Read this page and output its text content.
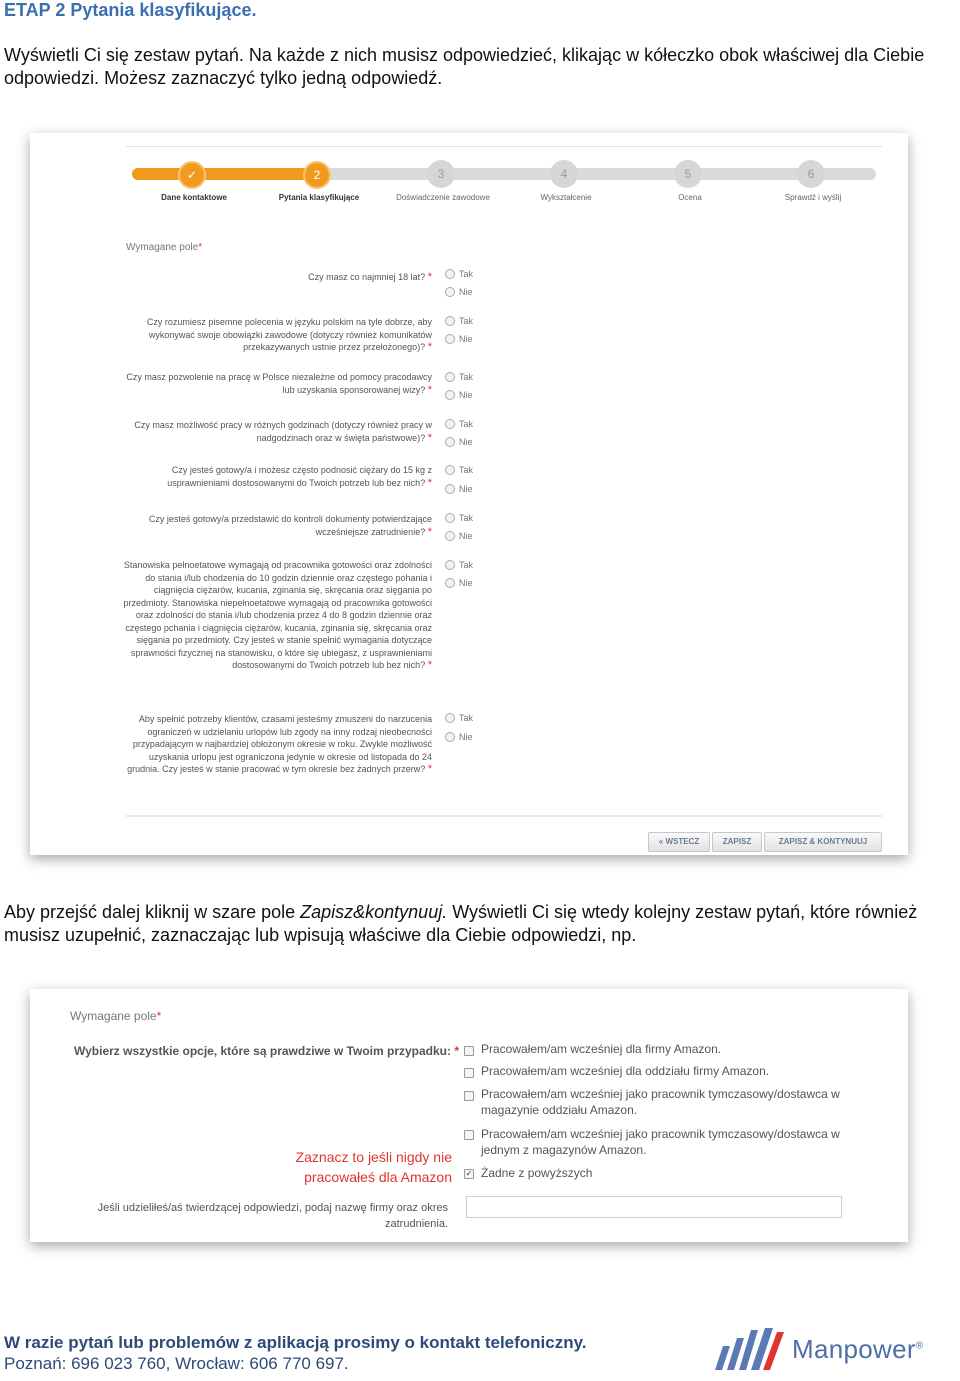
ETAP 2 Pytania klasyfikujące.
Wyświetli Ci się zestaw pytań. Na każde z nich musisz odpowiedzieć, klikając w kółeczko obok właściwej dla Ciebie odpowiedzi. Możesz zaznaczyć tylko jedną odpowiedź.
✓	2	3	4	5	6
Dane kontaktowe	Pytania klasyfikujące	Doświadczenie zawodowe	Wykształcenie	Ocena	Sprawdź i wyślij
Wymagane pole*
Czy masz co najmniej 18 lat? *	Tak
Nie
Czy rozumiesz pisemne polecenia w języku polskim na tyle dobrze, aby wykonywać swoje obowiązki zawodowe (dotyczy również komunikatów przekazywanych ustnie przez przełożonego)? *
Tak
Nie
Czy masz pozwolenie na pracę w Polsce niezależne od pomocy pracodawcy lub uzyskania sponsorowanej wizy? *
Tak
Nie
Czy masz możliwość pracy w różnych godzinach (dotyczy również pracy w nadgodzinach oraz w święta państwowe)? *
Tak
Nie
Czy jesteś gotowy/a i możesz często podnosić ciężary do 15 kg z usprawnieniami dostosowanymi do Twoich potrzeb lub bez nich? *
Tak
Nie
Czy jesteś gotowy/a przedstawić do kontroli dokumenty potwierdzające wcześniejsze zatrudnienie? *
Tak
Nie
Stanowiska pełnoetatowe wymagają od pracownika gotowości oraz zdolności do stania i/lub chodzenia do 10 godzin dziennie oraz częstego pohania i ciągnięcia ciężarów, kucania, zginania się, skręcania oraz sięgania po przedmioty. Stanowiska niepełnoetatowe wymagają od pracownika gotowości oraz zdolności do stania i/lub chodzenia przez 4 do 8 godzin dziennie oraz częstego pchania i ciągnięcia ciężarów, kucania, zginania się, skręcania oraz sięgania po przedmioty. Czy jesteś w stanie spełnić wymagania dotyczące sprawności fizycznej na stanowisku, o które się ubiegasz, z usprawnieniami dostosowanymi do Twoich potrzeb lub bez nich? *
Tak
Nie
Aby spełnić potrzeby klientów, czasami jesteśmy zmuszeni do narzucenia ograniczeń w udzielaniu urlopów lub zgody na inny rodzaj nieobecności przypadającym w najbardziej obłożonym okresie w roku. Zwykle możliwość uzyskania urlopu jest ograniczona jedynie w okresie od listopada do 24 grudnia. Czy jesteś w stanie pracować w tym okresie bez żadnych przerw? *
Tak
Nie
« WSTECZ	ZAPISZ	ZAPISZ & KONTYNUUJ
Aby przejść dalej kliknij w szare pole Zapisz&kontynuuj. Wyświetli Ci się wtedy kolejny zestaw pytań, które również musisz uzupełnić, zaznaczając lub wpisują właściwe dla Ciebie odpowiedzi, np.
Wymagane pole*
Wybierz wszystkie opcje, które są prawdziwe w Twoim przypadku: * Pracowałem/am wcześniej dla firmy Amazon.
Pracowałem/am wcześniej dla oddziału firmy Amazon.
Pracowałem/am wcześniej jako pracownik tymczasowy/dostawca w magazynie oddziału Amazon.
Pracowałem/am wcześniej jako pracownik tymczasowy/dostawca w jednym z magazynów Amazon.
✓ Żadne z powyższych
Zaznacz to jeśli nigdy nie pracowałeś dla Amazon
Jeśli udzieliłeś/aś twierdzącej odpowiedzi, podaj nazwę firmy oraz okres zatrudnienia.
W razie pytań lub problemów z aplikacją prosimy o kontakt telefoniczny.
Poznań: 696 023 760, Wrocław: 606 770 697.	Manpower®
